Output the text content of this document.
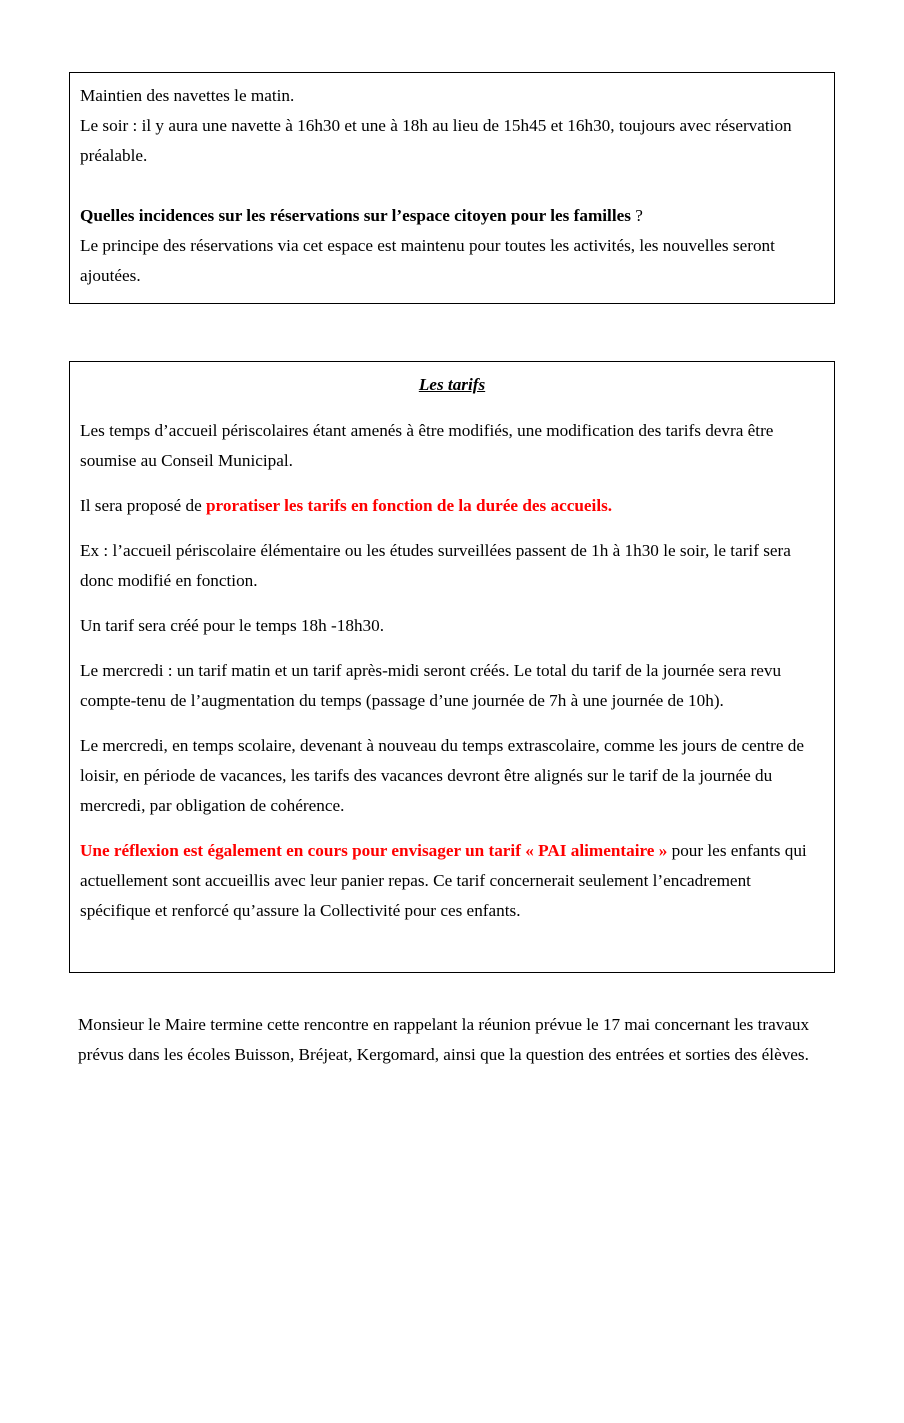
Maintien des navettes le matin.

Le soir : il y aura une navette à 16h30 et une à 18h au lieu de 15h45 et 16h30, toujours avec réservation préalable.

Quelles incidences sur les réservations sur l’espace citoyen pour les familles ?

Le principe des réservations via cet espace est maintenu pour toutes les activités, les nouvelles seront ajoutées.

Les tarifs

Les temps d’accueil périscolaires étant amenés à être modifiés, une modification des tarifs devra être soumise au Conseil Municipal.

Il sera proposé de proratiser les tarifs en fonction de la durée des accueils.

Ex : l’accueil périscolaire élémentaire ou les études surveillées passent de 1h à 1h30 le soir, le tarif sera donc modifié en fonction.

Un tarif sera créé pour le temps 18h -18h30.

Le mercredi : un tarif matin et un tarif après-midi seront créés. Le total du tarif de la journée sera revu compte-tenu de l’augmentation du temps (passage d’une journée de 7h à une journée de 10h).

Le mercredi, en temps scolaire, devenant à nouveau du temps extrascolaire, comme les jours de centre de loisir, en période de vacances, les tarifs des vacances devront être alignés sur le tarif de la journée du mercredi, par obligation de cohérence.

Une réflexion est également en cours pour envisager un tarif « PAI alimentaire » pour les enfants qui actuellement sont accueillis avec leur panier repas. Ce tarif concernerait seulement l’encadrement spécifique et renforcé qu’assure la Collectivité pour ces enfants.

Monsieur le Maire termine cette rencontre en rappelant la réunion prévue le 17 mai concernant les travaux prévus dans les écoles Buisson, Bréjeat, Kergomard, ainsi que la question des entrées et sorties des élèves.
